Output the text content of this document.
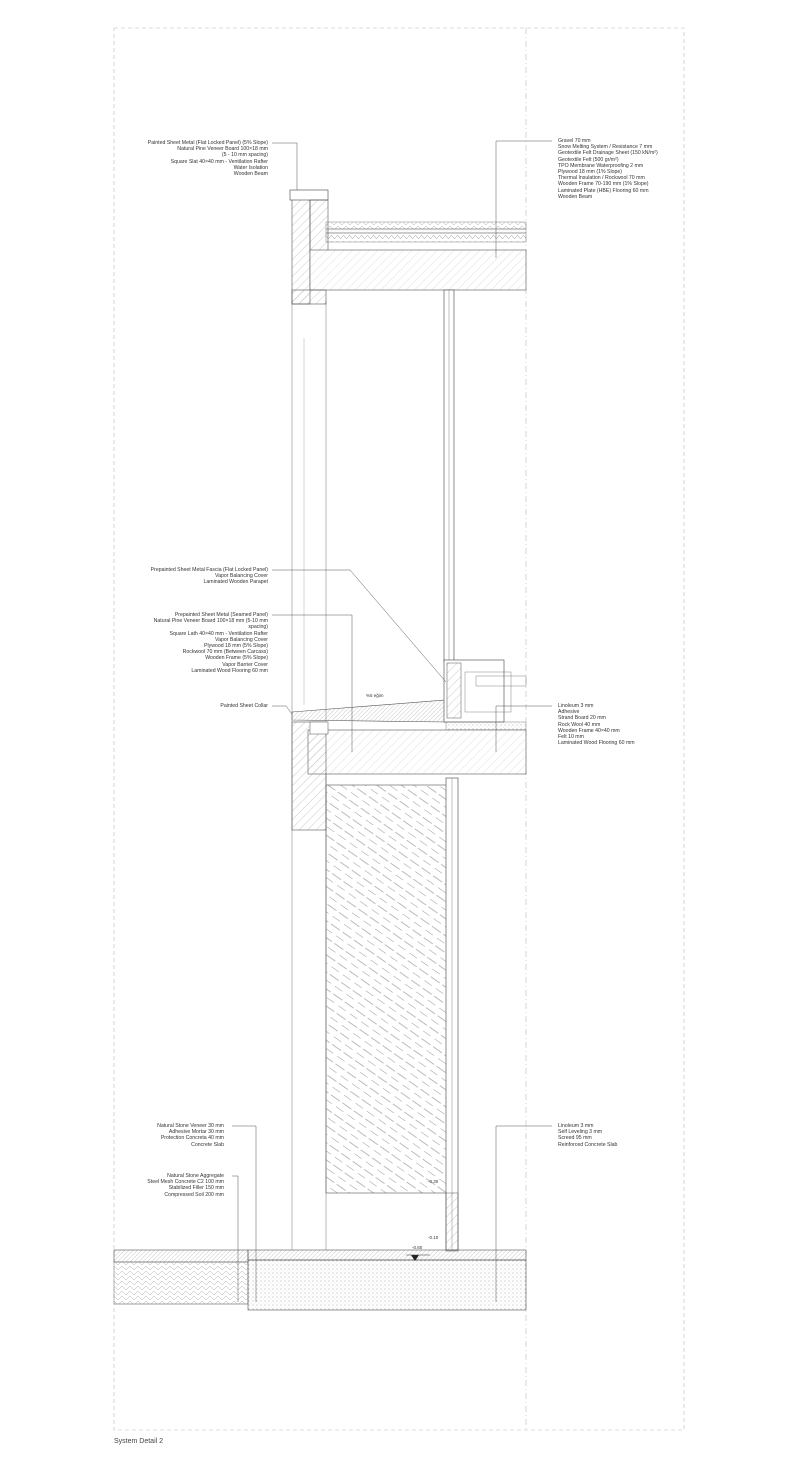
Painted Sheet Metal (Flat Locked Panel) (5% Slope)
Natural Pine Veneer Board 100×18 mm
(5 - 10 mm spacing)
Square Slat 40×40 mm - Ventilation Rafter
Water Isolation
Wooden Beam
Gravel 70 mm
Snow Melting System / Resistance 7 mm
Geotextile Felt Drainage Sheet (150 kN/m²)
Geotextile Felt (500 gr/m²)
TPO Membrane Waterproofing 2 mm
Plywood 18 mm (1% Slope)
Thermal Insulation / Rockwool 70 mm
Wooden Frame 70-190 mm (1% Slope)
Laminated Plate (HBE) Flooring 60 mm
Wooden Beam
Prepainted Sheet Metal Fascia (Flat Locked Panel)
Vapor Balancing Cover
Laminated Wooden Parapet
Prepainted Sheet Metal (Seamed Panel)
Natural Pine Veneer Board 100×18 mm (5-10 mm
spacing)
Square Lath 40×40 mm - Ventilation Rafter
Vapor Balancing Cover
Plywood 18 mm (5% Slope)
Rockwool 70 mm (Between Carcass)
Wooden Frame (5% Slope)
Vapor Barrier Cover
Laminated Wood Flooring 60 mm
Painted Sheet Collar	Linoleum 3 mm
Adhesive
Strand Board 20 mm
Rock Wool 40 mm
Wooden Frame 40×40 mm
Felt 10 mm
Laminated Wood Flooring 60 mm
Natural Stone Veneer 30 mm
Adhesive Mortar 30 mm
Protection Concreta 40 mm
Concrete Slab
Natural Stone Aggregate
Steel Mesh Concrete C2 100 mm
Stabilized Filler 150 mm
Compressed Soil 200 mm
Linoleum 3 mm
Self Leveling 3 mm
Screed 95 mm
Reinforced Concrete Slab
%5 eğim
-0.30
-0.10
-0.60
System Detail 2
